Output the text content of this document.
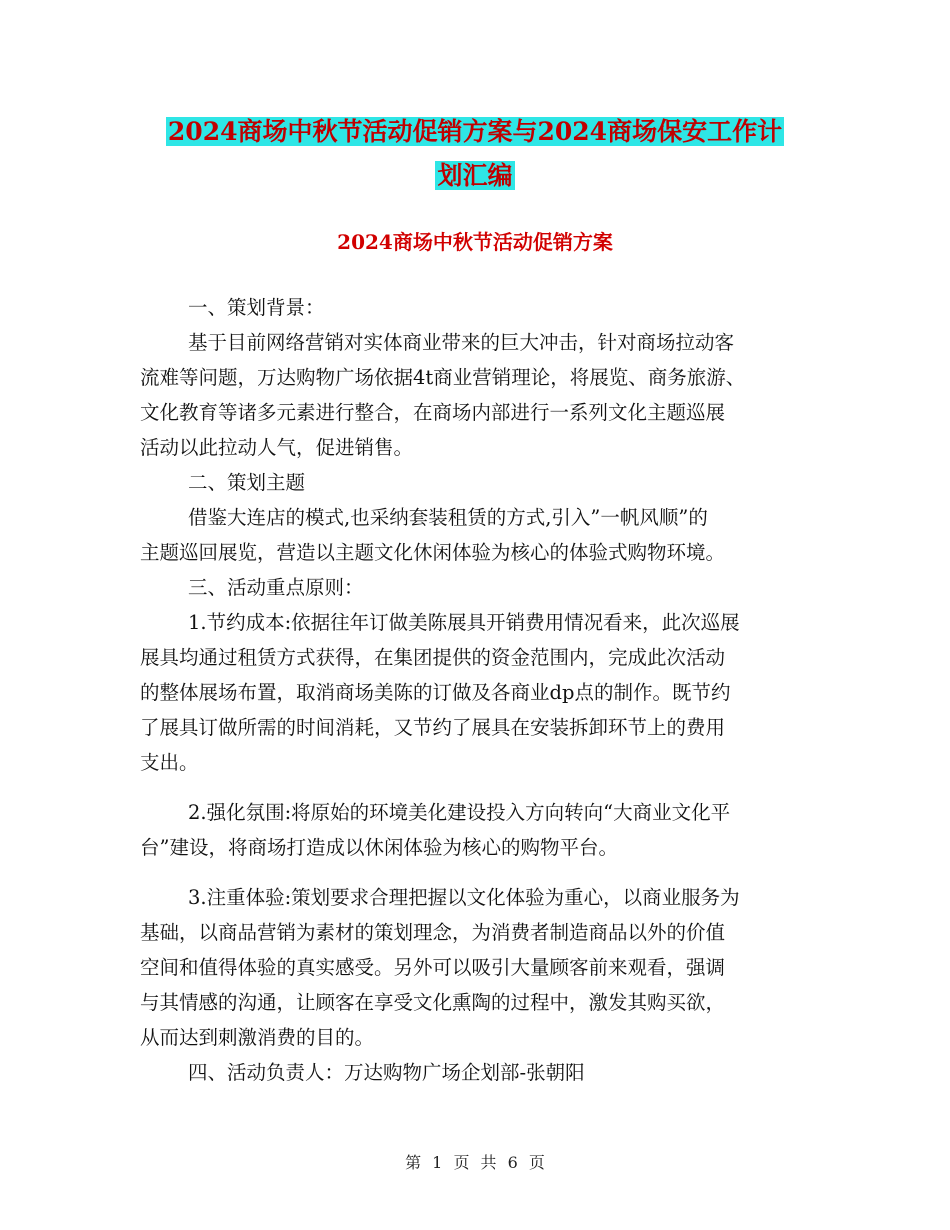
2024商场中秋节活动促销方案与2024商场保安工作计
划汇编
2024商场中秋节活动促销方案
一、策划背景：
基于目前网络营销对实体商业带来的巨大冲击，针对商场拉动客
流难等问题，万达购物广场依据4t商业营销理论，将展览、商务旅游、
文化教育等诸多元素进行整合，在商场内部进行一系列文化主题巡展
活动以此拉动人气，促进销售。
二、策划主题
借鉴大连店的模式,也采纳套装租赁的方式,引入”一帆风顺”的
主题巡回展览，营造以主题文化休闲体验为核心的体验式购物环境。
三、活动重点原则：
1.节约成本:依据往年订做美陈展具开销费用情况看来，此次巡展
展具均通过租赁方式获得，在集团提供的资金范围内，完成此次活动
的整体展场布置，取消商场美陈的订做及各商业dp点的制作。既节约
了展具订做所需的时间消耗，又节约了展具在安装拆卸环节上的费用
支出。
2.强化氛围:将原始的环境美化建设投入方向转向“大商业文化平
台”建设，将商场打造成以休闲体验为核心的购物平台。
3.注重体验:策划要求合理把握以文化体验为重心，以商业服务为
基础，以商品营销为素材的策划理念，为消费者制造商品以外的价值
空间和值得体验的真实感受。另外可以吸引大量顾客前来观看，强调
与其情感的沟通，让顾客在享受文化熏陶的过程中，激发其购买欲，
从而达到刺激消费的目的。
四、活动负责人：万达购物广场企划部-张朝阳
第 1 页 共 6 页
